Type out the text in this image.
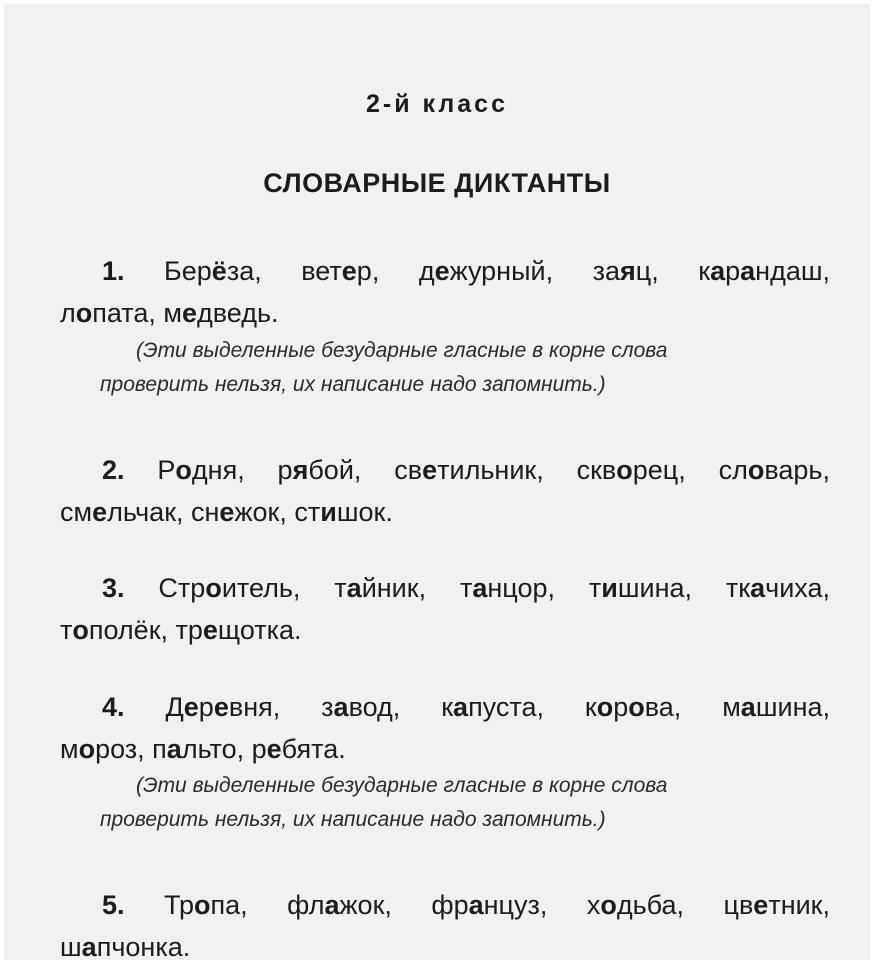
2-й класс
СЛОВАРНЫЕ ДИКТАНТЫ
1. Берёза, ветер, дежурный, заяц, карандаш,
лопата, медведь.
(Эти выделенные безударные гласные в корне слова
проверить нельзя, их написание надо запомнить.)
2. Родня, рябой, светильник, скворец, словарь,
смельчак, снежок, стишок.
3. Строитель, тайник, танцор, тишина, ткачиха,
тополёк, трещотка.
4. Деревня, завод, капуста, корова, машина,
мороз, пальто, ребята.
(Эти выделенные безударные гласные в корне слова
проверить нельзя, их написание надо запомнить.)
5. Тропа, флажок, француз, ходьба, цветник,
шапчонка.
